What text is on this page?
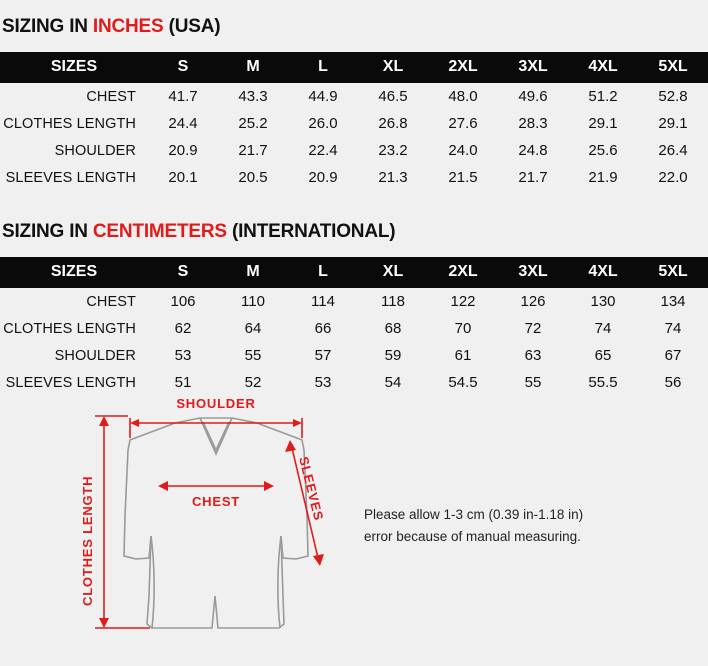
SIZING IN INCHES (USA)
SIZES	S	M	L	XL	2XL	3XL	4XL	5XL
CHEST	41.7	43.3	44.9	46.5	48.0	49.6	51.2	52.8
CLOTHES LENGTH	24.4	25.2	26.0	26.8	27.6	28.3	29.1	29.1
SHOULDER	20.9	21.7	22.4	23.2	24.0	24.8	25.6	26.4
SLEEVES LENGTH	20.1	20.5	20.9	21.3	21.5	21.7	21.9	22.0
SIZING IN CENTIMETERS (INTERNATIONAL)
SIZES	S	M	L	XL	2XL	3XL	4XL	5XL
CHEST	106	110	114	118	122	126	130	134
CLOTHES LENGTH	62	64	66	68	70	72	74	74
SHOULDER	53	55	57	59	61	63	65	67
SLEEVES LENGTH	51	52	53	54	54.5	55	55.5	56
SHOULDER
CHEST	SLEEVES
CLOTHES LENGTH	Please allow 1-3 cm (0.39 in-1.18 in)
error because of manual measuring.
